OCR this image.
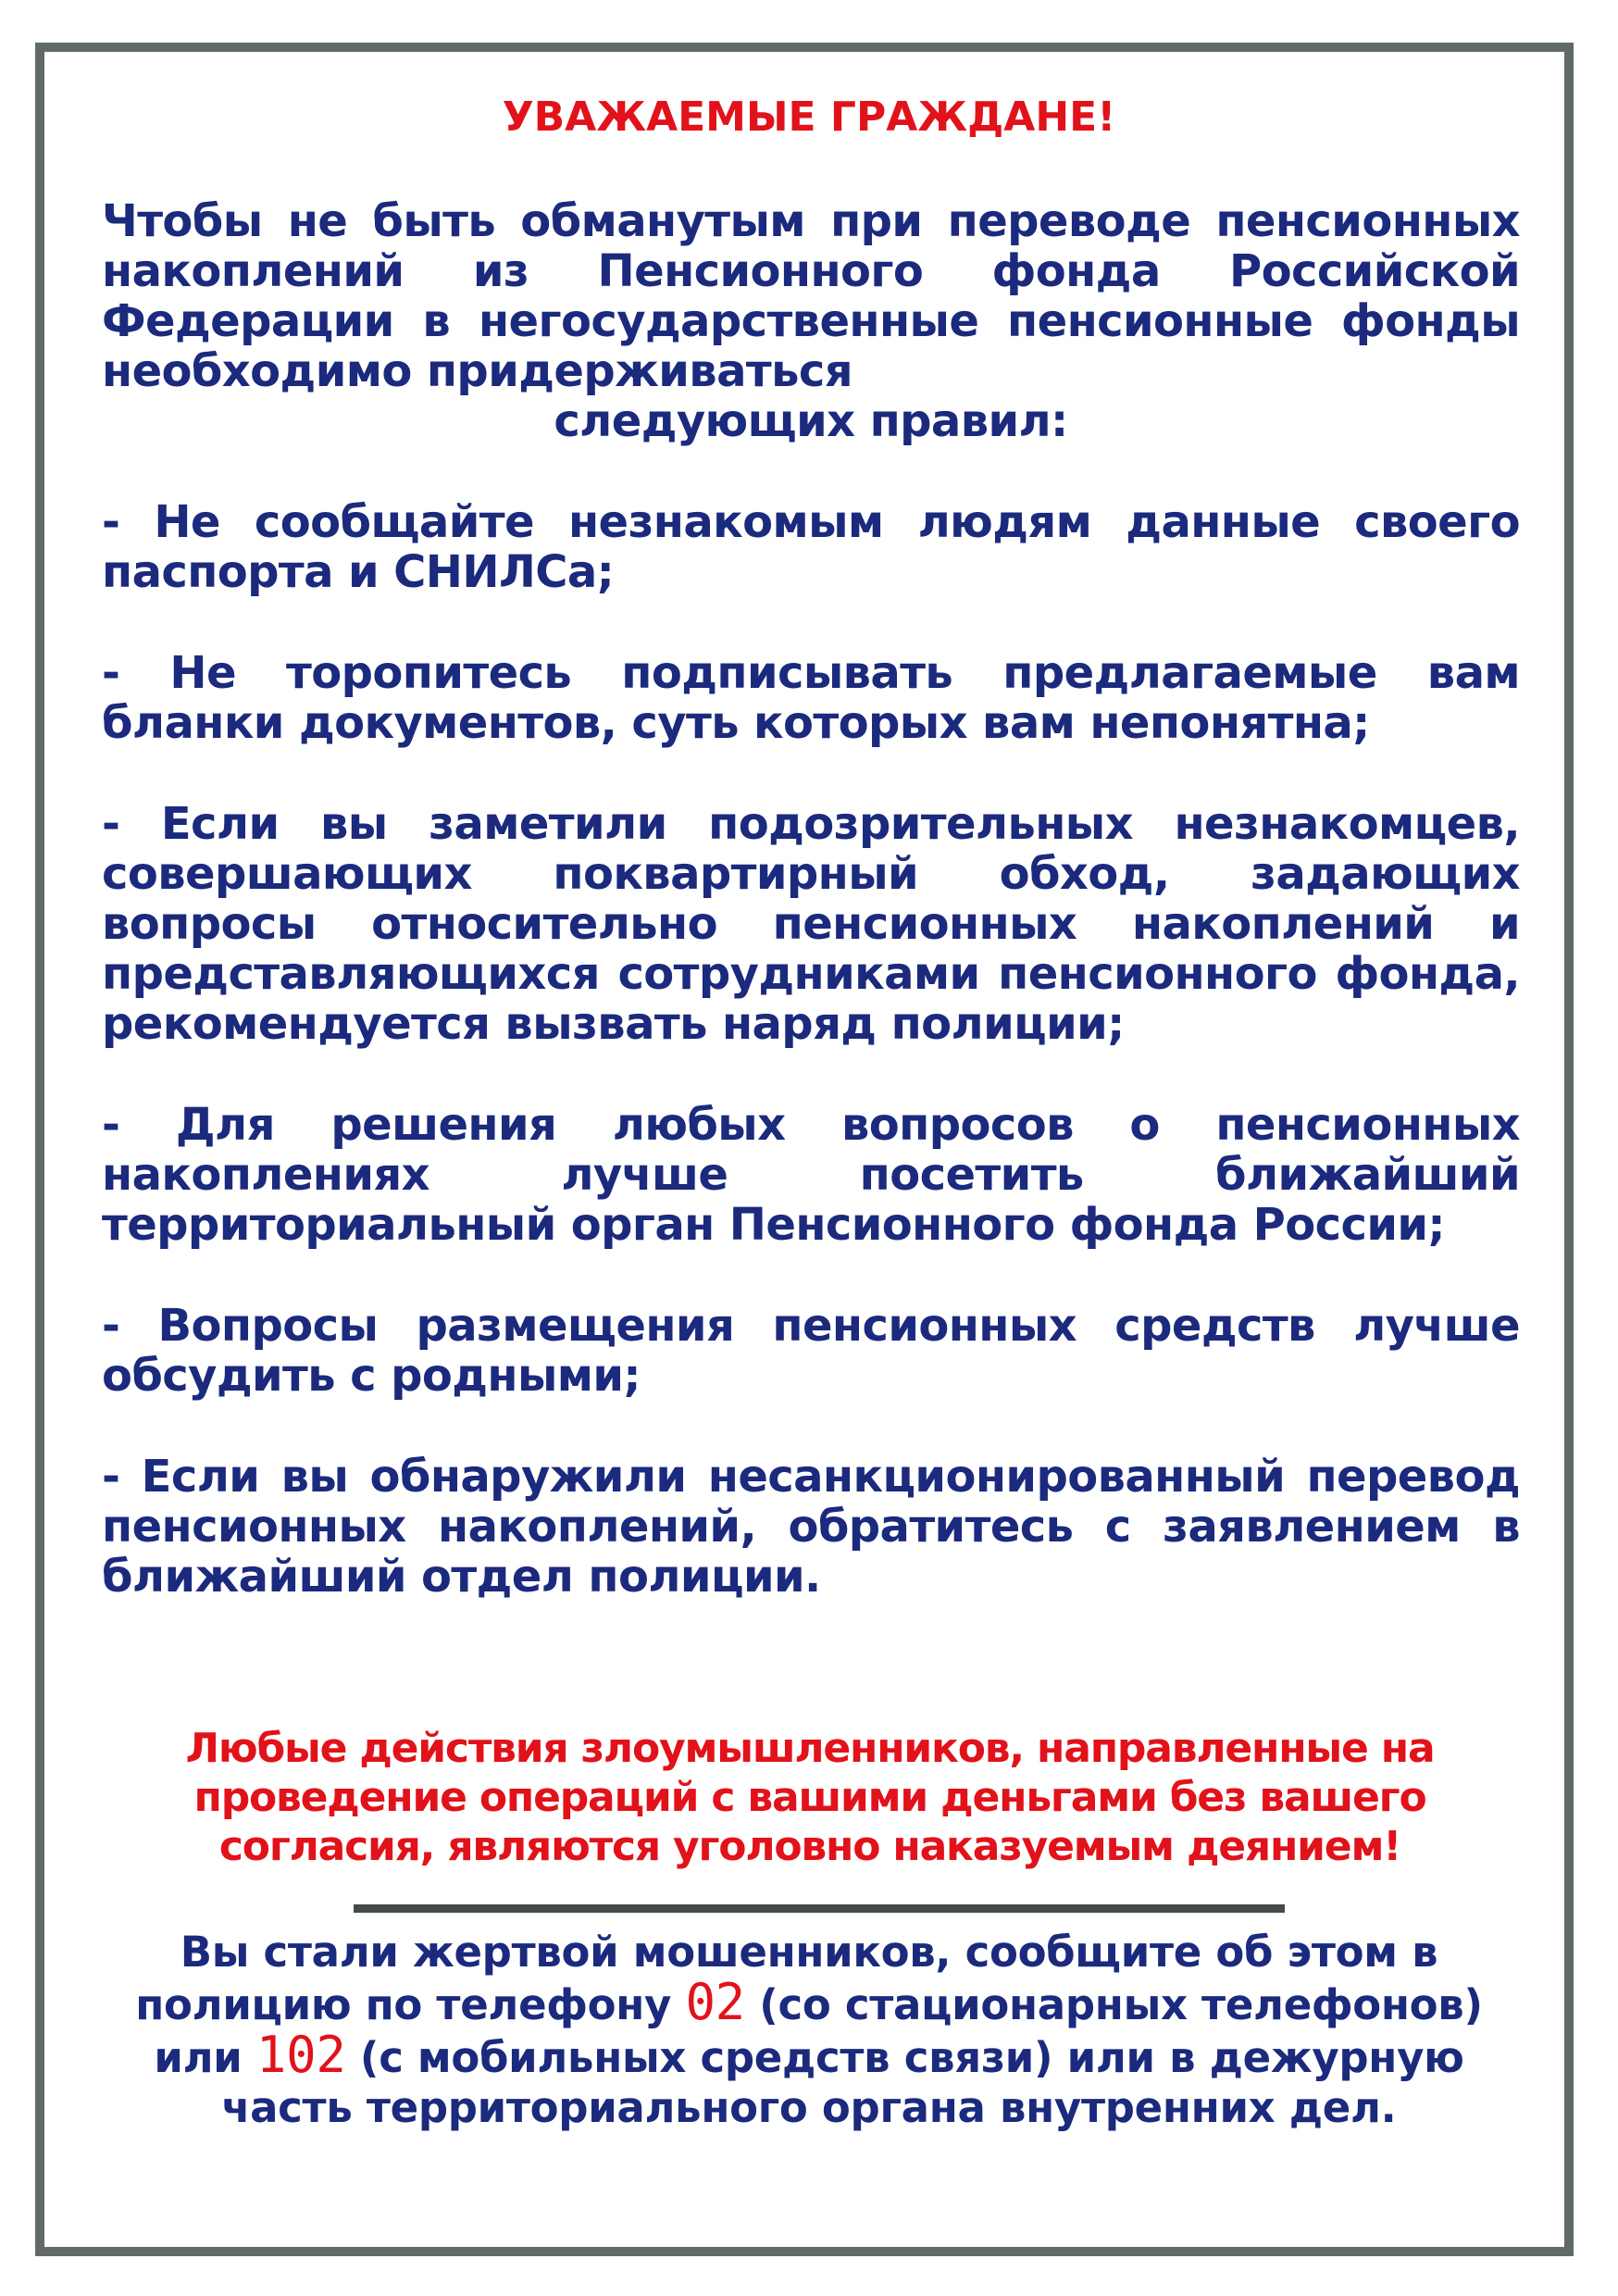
УВАЖАЕМЫЕ ГРАЖДАНЕ!

Чтобы не быть обманутым при переводе пенсионных накоплений из Пенсионного фонда Российской Федерации в негосударственные пенсионные фонды необходимо придерживаться
следующих правил:

- Не сообщайте незнакомым людям данные своего паспорта и СНИЛСа;

- Не торопитесь подписывать предлагаемые вам бланки документов, суть которых вам непонятна;

- Если вы заметили подозрительных незнакомцев, совершающих поквартирный обход, задающих вопросы относительно пенсионных накоплений и представляющихся сотрудниками пенсионного фонда, рекомендуется вызвать наряд полиции;

- Для решения любых вопросов о пенсионных накоплениях лучше посетить ближайший территориальный орган Пенсионного фонда России;

- Вопросы размещения пенсионных средств лучше обсудить с родными;

- Если вы обнаружили несанкционированный перевод пенсионных накоплений, обратитесь с заявлением в ближайший отдел полиции.

Любые действия злоумышленников, направленные на проведение операций с вашими деньгами без вашего согласия, являются уголовно наказуемым деянием!
Вы стали жертвой мошенников, сообщите об этом в полицию по телефону 02 (со стационарных телефонов) или 102 (с мобильных средств связи) или в дежурную часть территориального органа внутренних дел.
